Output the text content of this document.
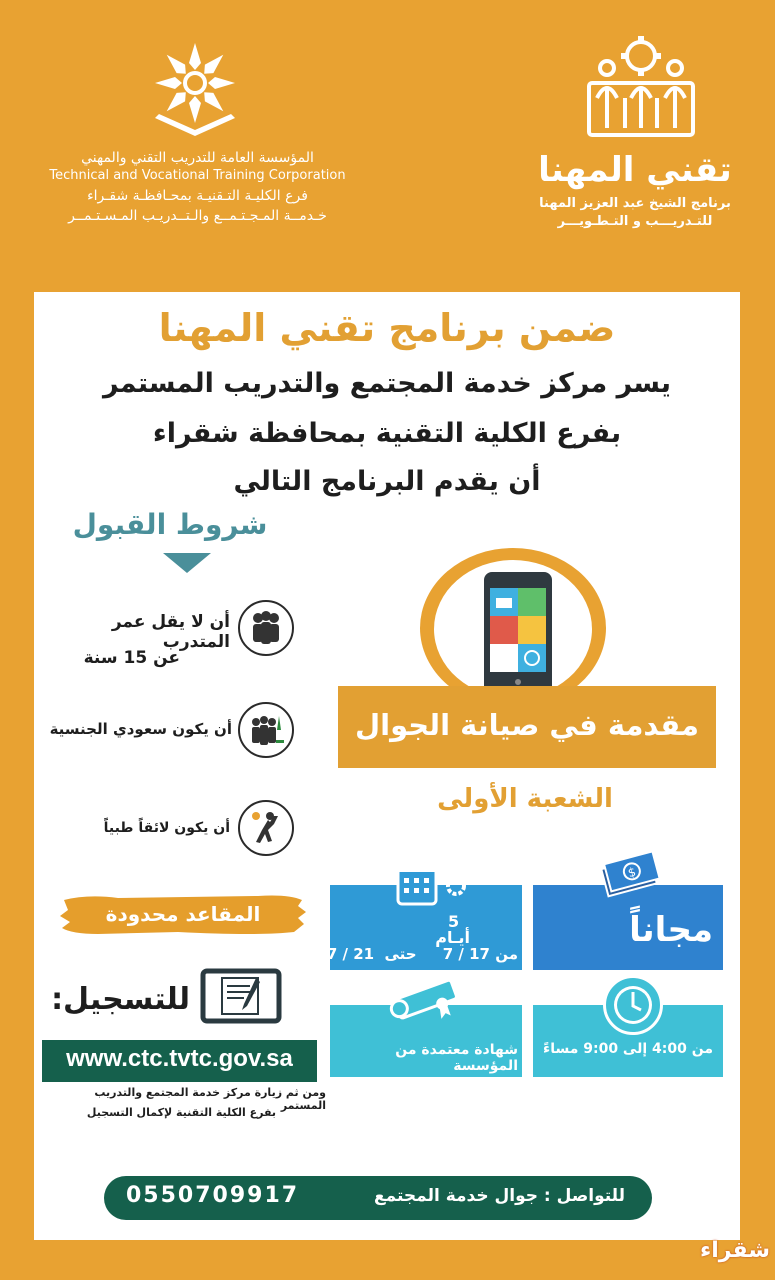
المؤسسة العامة للتدريب التقني والمهني
Technical and Vocational Training Corporation
فرع الكليـة التـقنيـة بمحـافظـة شقـراء
خـدمــة المـجـتـمــع والـتــدريـب المـسـتـمــر
تقني المهنا
برنامج الشيخ عبد العزيز المهنا
للتـدريـــب و التـطـويـــر
ضمن برنامج تقني المهنا
يسر مركز خدمة المجتمع والتدريب المستمر
بفرع الكلية التقنية بمحافظة شقراء
أن يقدم البرنامج التالي
شروط القبول
أن لا يقل عمر المتدرب
عن 15 سنة
أن يكون سعودي الجنسية
أن يكون لائقاً طبياً
مقدمة في صيانة الجوال
الشعبة الأولى
$
مجاناً
5
أيـام
من 17 / 7     حتى  21 / 7
من 4:00 إلى 9:00 مساءً
شهادة معتمدة من المؤسسة
المقاعد محدودة
للتسجيل:
www.ctc.tvtc.gov.sa
ومن ثم زيارة مركز خدمة المجتمع والتدريب المستمر
بفرع الكلية التقنية لإكمال التسجيل
للتواصل : جوال خدمة المجتمع
0550709917
شقراء
